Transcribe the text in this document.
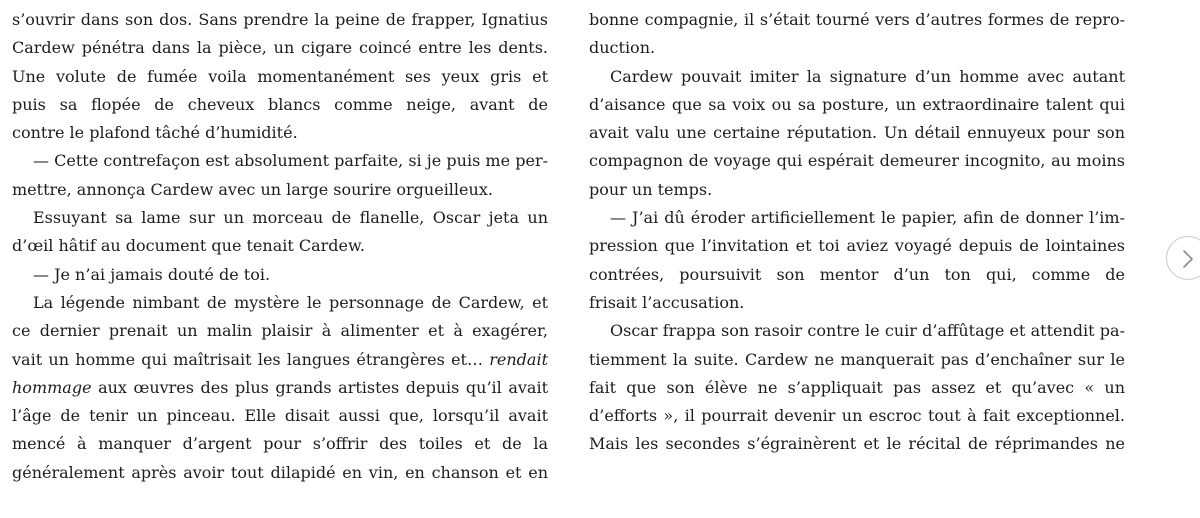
s’ouvrir dans son dos. Sans prendre la peine de frapper, Ignatius
Cardew pénétra dans la pièce, un cigare coincé entre les dents.
Une volute de fumée voila momentanément ses yeux gris et
puis sa flopée de cheveux blancs comme neige, avant de
contre le plafond tâché d’humidité.
— Cette contrefaçon est absolument parfaite, si je puis me per-
mettre, annonça Cardew avec un large sourire orgueilleux.
Essuyant sa lame sur un morceau de flanelle, Oscar jeta un
d’œil hâtif au document que tenait Cardew.
— Je n’ai jamais douté de toi.
La légende nimbant de mystère le personnage de Cardew, et
ce dernier prenait un malin plaisir à alimenter et à exagérer,
vait un homme qui maîtrisait les langues étrangères et… rendait
hommage aux œuvres des plus grands artistes depuis qu’il avait
l’âge de tenir un pinceau. Elle disait aussi que, lorsqu’il avait
mencé à manquer d’argent pour s’offrir des toiles et de la
généralement après avoir tout dilapidé en vin, en chanson et en
bonne compagnie, il s’était tourné vers d’autres formes de repro-
duction.
Cardew pouvait imiter la signature d’un homme avec autant
d’aisance que sa voix ou sa posture, un extraordinaire talent qui
avait valu une certaine réputation. Un détail ennuyeux pour son
compagnon de voyage qui espérait demeurer incognito, au moins
pour un temps.
— J’ai dû éroder artificiellement le papier, afin de donner l’im-
pression que l’invitation et toi aviez voyagé depuis de lointaines
contrées, poursuivit son mentor d’un ton qui, comme de
frisait l’accusation.
Oscar frappa son rasoir contre le cuir d’affûtage et attendit pa-
tiemment la suite. Cardew ne manquerait pas d’enchaîner sur le
fait que son élève ne s’appliquait pas assez et qu’avec « un
d’efforts », il pourrait devenir un escroc tout à fait exceptionnel.
Mais les secondes s’égrainèrent et le récital de réprimandes ne
